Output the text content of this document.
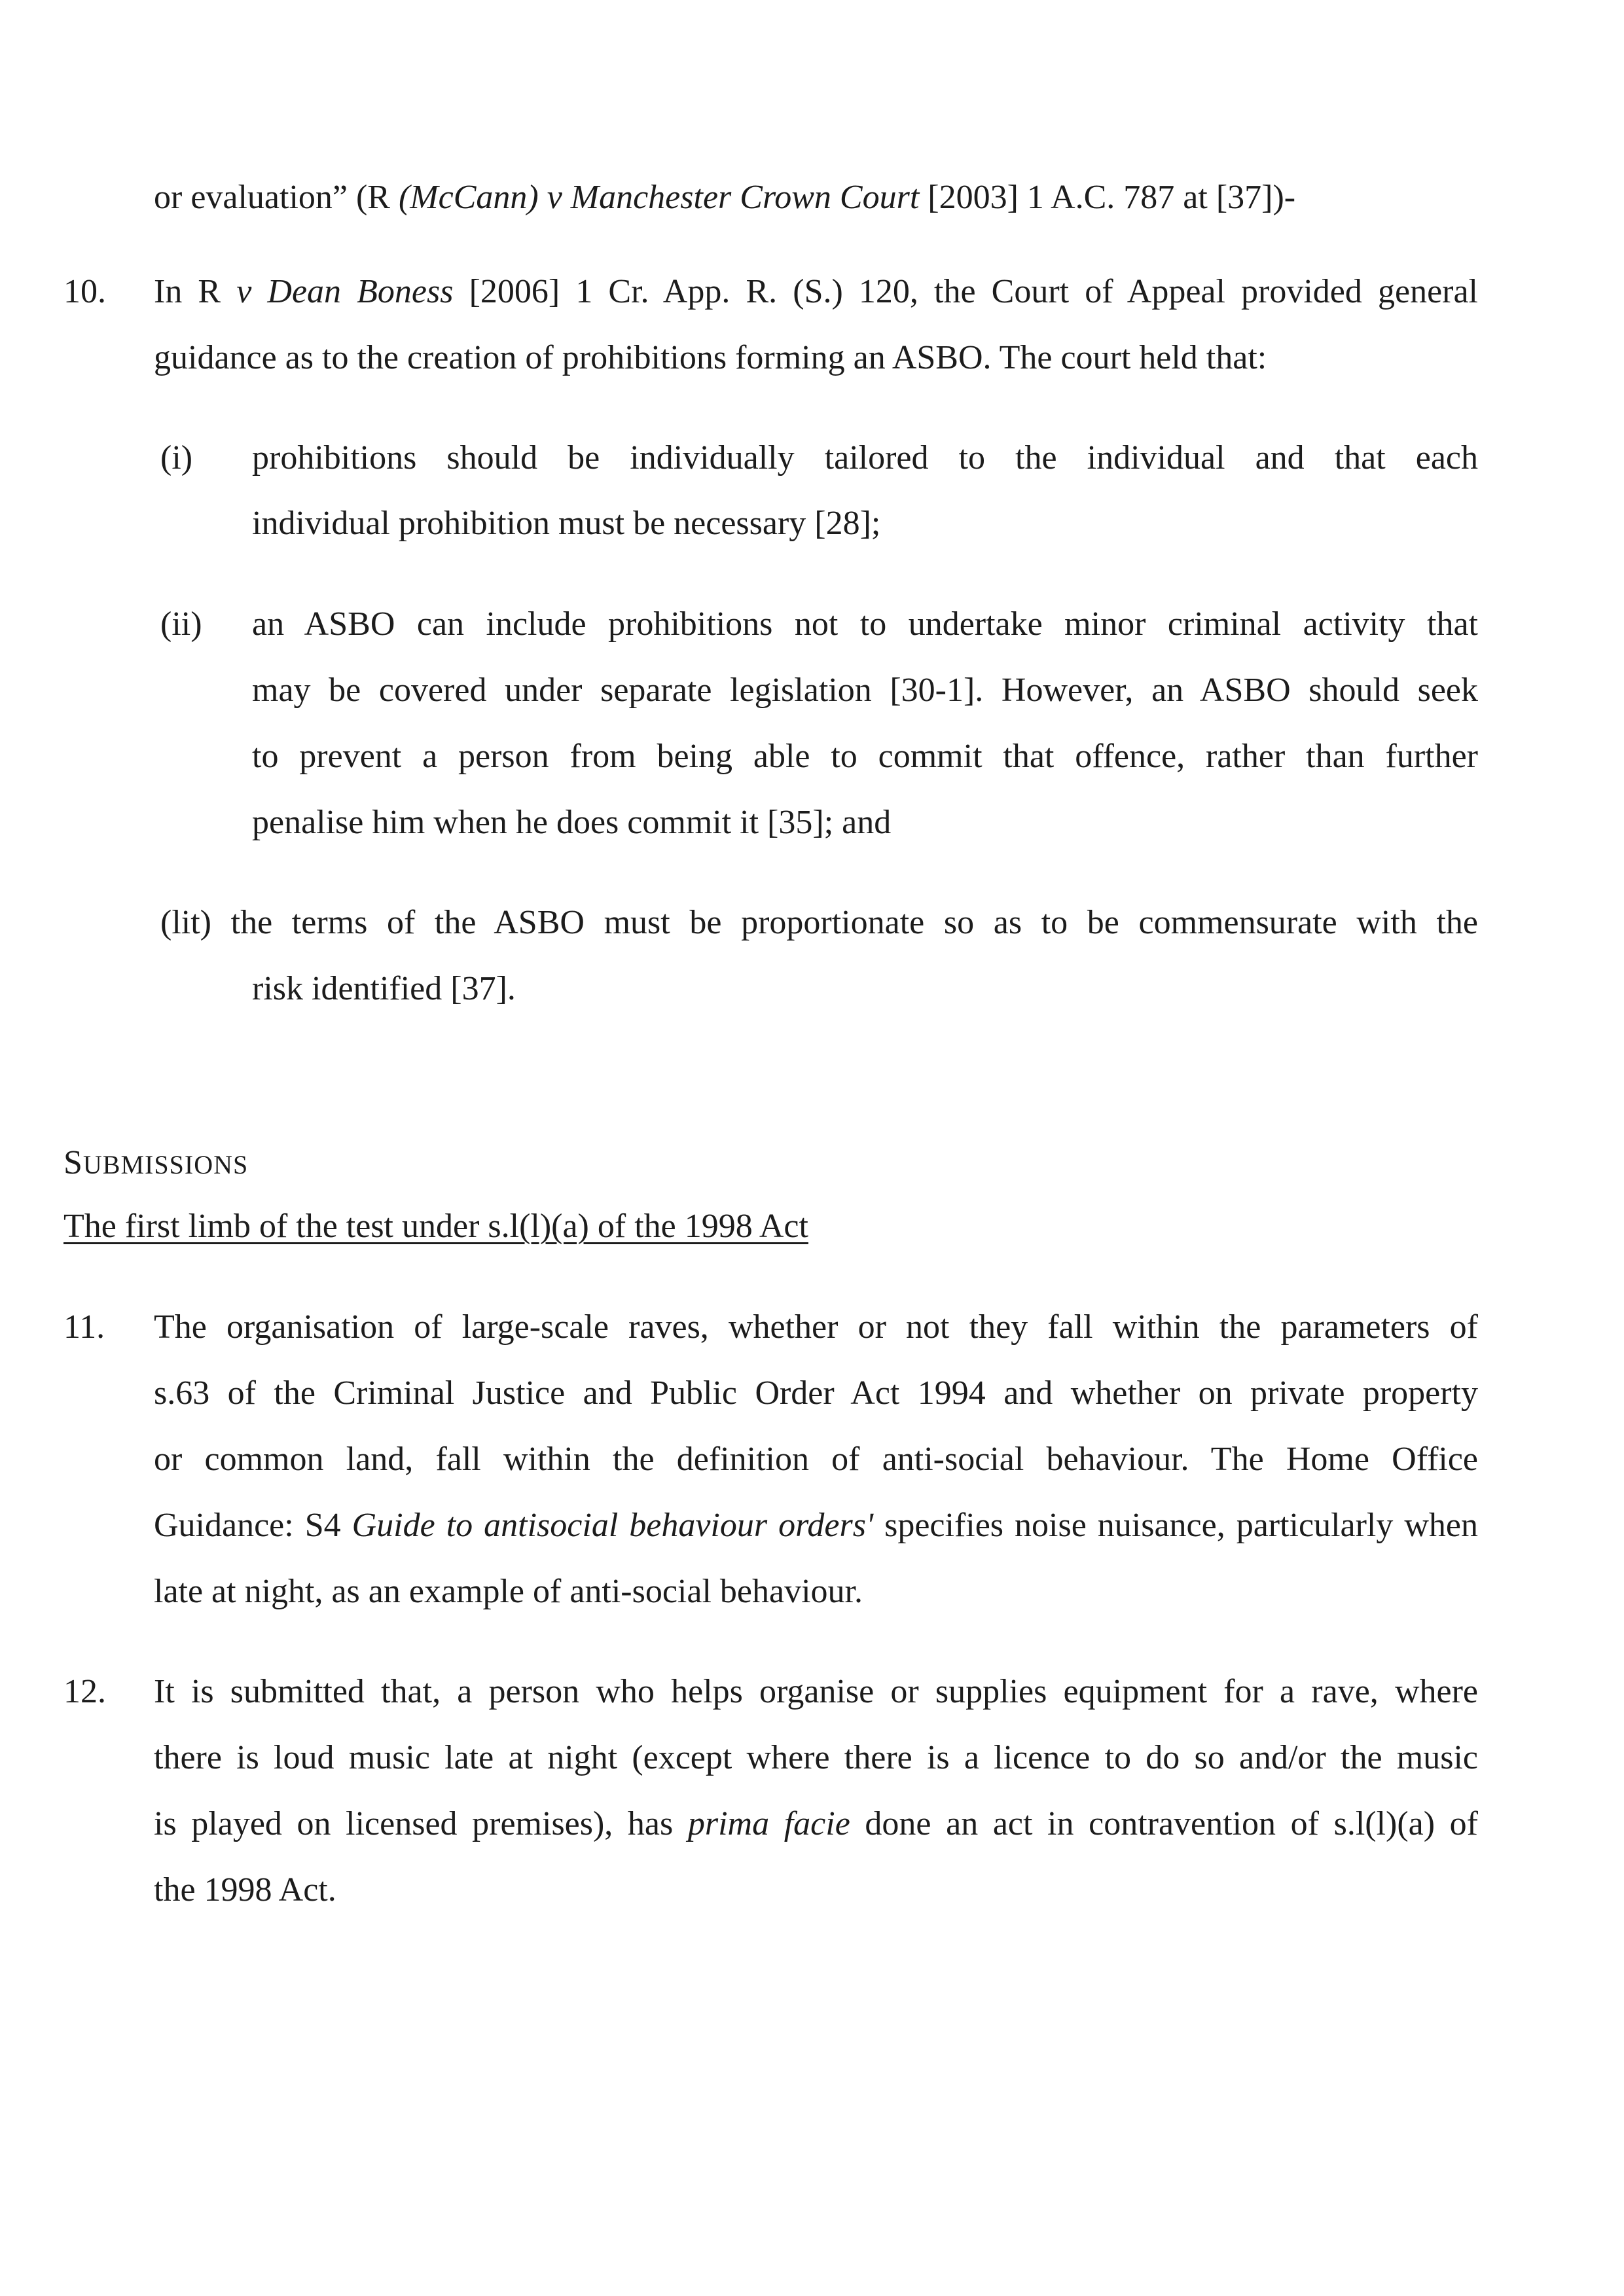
or evaluation” (R (McCann) v Manchester Crown Court [2003] 1 A.C. 787 at [37])-
10. In R v Dean Boness [2006] 1 Cr. App. R. (S.) 120, the Court of Appeal provided general
guidance as to the creation of prohibitions forming an ASBO. The court held that:
(i) prohibitions should be individually tailored to the individual and that each
individual prohibition must be necessary [28];
(ii) an ASBO can include prohibitions not to undertake minor criminal activity that
may be covered under separate legislation [30-1]. However, an ASBO should seek
to prevent a person from being able to commit that offence, rather than further
penalise him when he does commit it [35]; and
(lit) the terms of the ASBO must be proportionate so as to be commensurate with the
risk identified [37].
SUBMISSIONS
The first limb of the test under s.l(l)(a) of the 1998 Act
11. The organisation of large-scale raves, whether or not they fall within the parameters of
s.63 of the Criminal Justice and Public Order Act 1994 and whether on private property
or common land, fall within the definition of anti-social behaviour. The Home Office
Guidance: S4 Guide to antisocial behaviour orders' specifies noise nuisance, particularly when
late at night, as an example of anti-social behaviour.
12. It is submitted that, a person who helps organise or supplies equipment for a rave, where
there is loud music late at night (except where there is a licence to do so and/or the music
is played on licensed premises), has prima facie done an act in contravention of s.l(l)(a) of
the 1998 Act.
